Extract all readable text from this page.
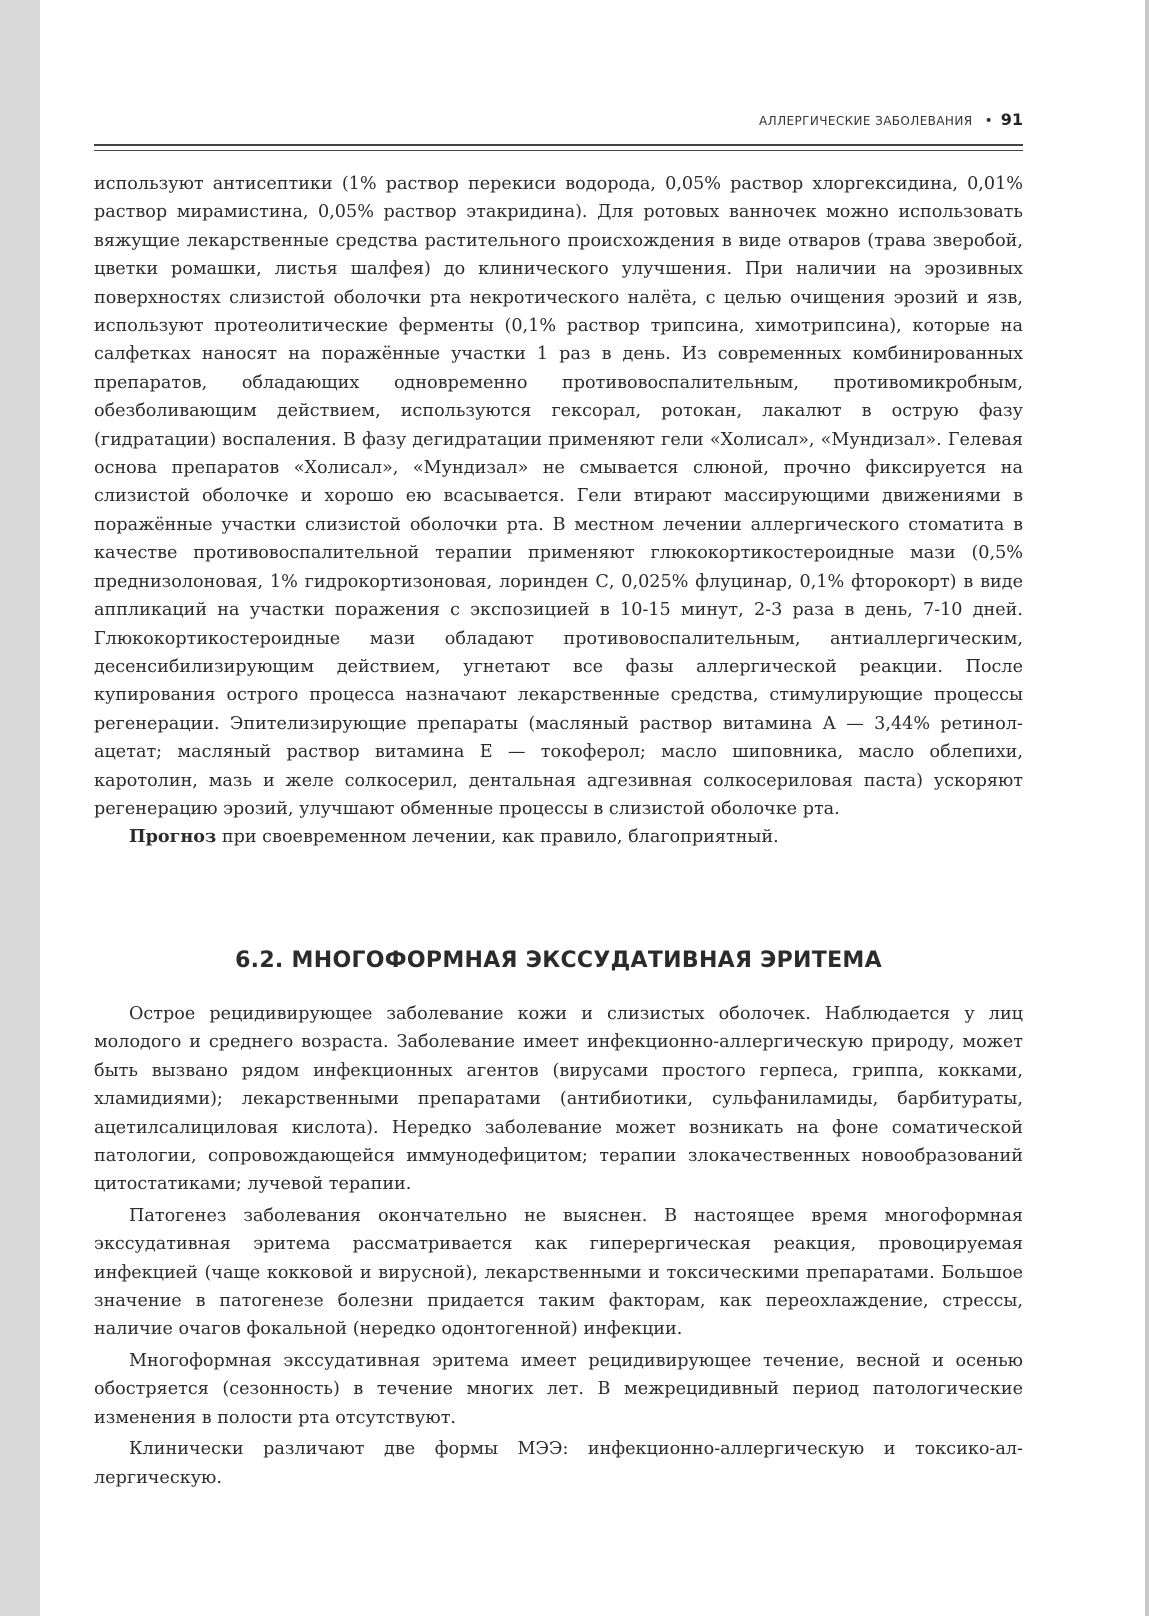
АЛЛЕРГИЧЕСКИЕ ЗАБОЛЕВАНИЯ • 91

используют антисептики (1% раствор перекиси водорода, 0,05% раствор хлоргексидина, 0,01% раствор мирамистина, 0,05% раствор этакридина). Для ротовых ванночек можно использовать вяжущие лекарственные средства растительного происхождения в виде отваров (трава зверобой, цветки ромашки, листья шалфея) до клинического улучшения. При наличии на эрозивных поверхностях слизистой оболочки рта некротического налёта, с целью очищения эрозий и язв, используют протеолитические ферменты (0,1% раствор трипсина, химотрипсина), которые на салфетках наносят на поражённые участки 1 раз в день. Из современных комбинированных препаратов, обладающих одновременно противовоспалительным, противомикробным, обезболивающим действием, используются гексорал, ротокан, лакалют в острую фазу (гидратации) воспаления. В фазу дегидратации применяют гели «Холисал», «Мундизал». Гелевая основа препаратов «Холисал», «Мундизал» не смывается слюной, прочно фиксируется на слизистой оболочке и хорошо ею всасывается. Гели втирают массирующими движениями в поражённые участки слизистой оболочки рта. В местном лечении аллергического стоматита в качестве противовоспалительной терапии применяют глюкокортикостероидные мази (0,5% преднизолоновая, 1% гидрокортизоновая, лоринден С, 0,025% флуцинар, 0,1% фторокорт) в виде аппликаций на участки поражения с экспозицией в 10-15 минут, 2-3 раза в день, 7-10 дней. Глюкокортикостероидные мази обладают противовоспалительным, антиаллергическим, десенсибилизирующим действием, угнетают все фазы аллергической реакции. После купирования острого процесса назначают лекарственные средства, стимулирующие процессы регенерации. Эпителизирующие препараты (масляный раствор витамина А — 3,44% ретинол-ацетат; масляный раствор витамина Е — токоферол; масло шиповника, масло облепихи, каротолин, мазь и желе солкосерил, дентальная адгезивная солкосериловая паста) ускоряют регенерацию эрозий, улучшают обменные процессы в слизистой оболочке рта.

Прогноз при своевременном лечении, как правило, благоприятный.

6.2. МНОГОФОРМНАЯ ЭКССУДАТИВНАЯ ЭРИТЕМА

Острое рецидивирующее заболевание кожи и слизистых оболочек. Наблюдается у лиц молодого и среднего возраста. Заболевание имеет инфекционно-аллергическую природу, может быть вызвано рядом инфекционных агентов (вирусами простого герпеса, гриппа, кокками, хламидиями); лекарственными препаратами (антибиотики, сульфаниламиды, барбитураты, ацетилсалициловая кислота). Нередко заболевание может возникать на фоне соматической патологии, сопровождающейся иммунодефицитом; терапии злокачественных новообразований цитостатиками; лучевой терапии.

Патогенез заболевания окончательно не выяснен. В настоящее время многоформная экссудативная эритема рассматривается как гиперергическая реакция, провоцируемая инфекцией (чаще кокковой и вирусной), лекарственными и токсическими препаратами. Большое значение в патогенезе болезни придается таким факторам, как переохлаждение, стрессы, наличие очагов фокальной (нередко одонтогенной) инфекции.

Многоформная экссудативная эритема имеет рецидивирующее течение, весной и осенью обостряется (сезонность) в течение многих лет. В межрецидивный период патологические изменения в полости рта отсутствуют.

Клинически различают две формы МЭЭ: инфекционно-аллергическую и токсико-аллергическую.
